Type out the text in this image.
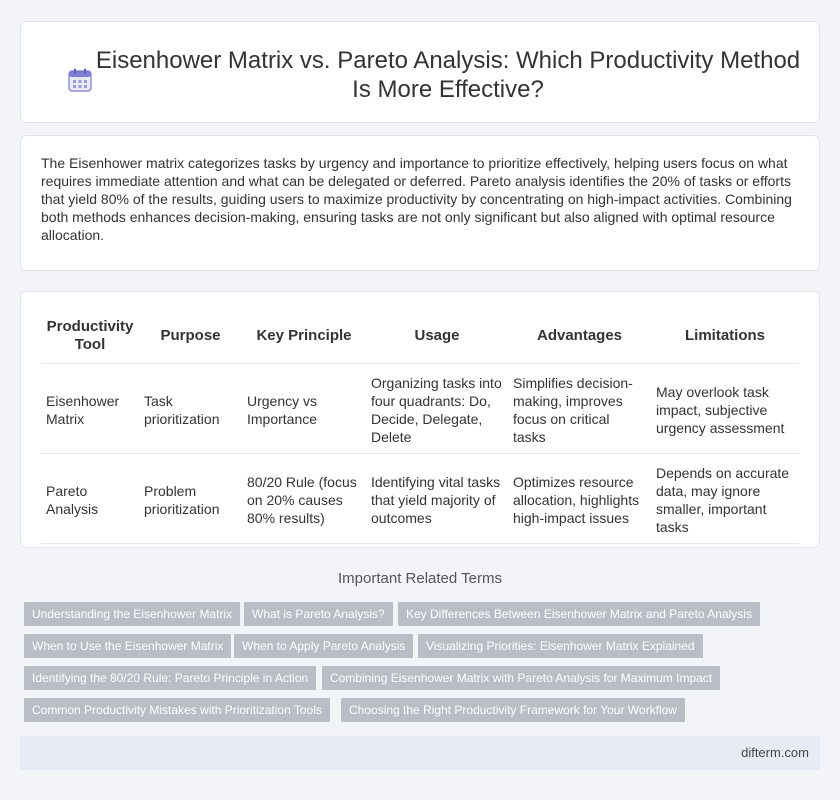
Eisenhower Matrix vs. Pareto Analysis: Which Productivity Method Is More Effective?

The Eisenhower matrix categorizes tasks by urgency and importance to prioritize effectively, helping users focus on what requires immediate attention and what can be delegated or deferred. Pareto analysis identifies the 20% of tasks or efforts that yield 80% of the results, guiding users to maximize productivity by concentrating on high-impact activities. Combining both methods enhances decision-making, ensuring tasks are not only significant but also aligned with optimal resource allocation.

Productivity Tool	Purpose	Key Principle	Usage	Advantages	Limitations
Eisenhower Matrix	Task prioritization	Urgency vs Importance	Organizing tasks into four quadrants: Do, Decide, Delegate, Delete	Simplifies decision-making, improves focus on critical tasks	May overlook task impact, subjective urgency assessment
Pareto Analysis	Problem prioritization	80/20 Rule (focus on 20% causes 80% results)	Identifying vital tasks that yield majority of outcomes	Optimizes resource allocation, highlights high-impact issues	Depends on accurate data, may ignore smaller, important tasks
Important Related Terms
Understanding the Eisenhower Matrix	What is Pareto Analysis?	Key Differences Between Eisenhower Matrix and Pareto Analysis
When to Use the Eisenhower Matrix	When to Apply Pareto Analysis	Visualizing Priorities: Eisenhower Matrix Explained
Identifying the 80/20 Rule: Pareto Principle in Action	Combining Eisenhower Matrix with Pareto Analysis for Maximum Impact
Common Productivity Mistakes with Prioritization Tools	Choosing the Right Productivity Framework for Your Workflow
difterm.com
